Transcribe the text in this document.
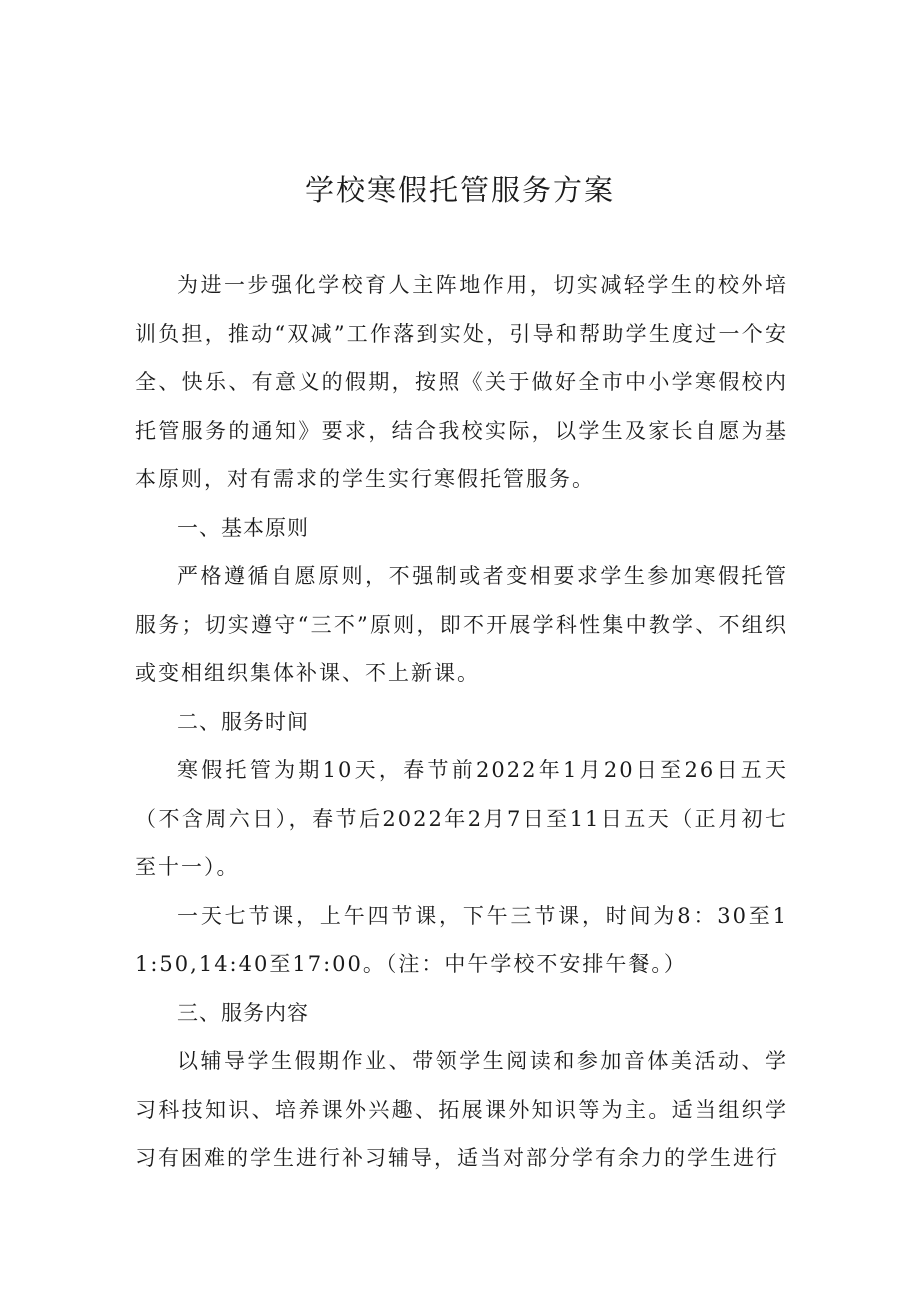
学校寒假托管服务方案

为进一步强化学校育人主阵地作用，切实减轻学生的校外培训负担，推动“双减”工作落到实处，引导和帮助学生度过一个安全、快乐、有意义的假期，按照《关于做好全市中小学寒假校内托管服务的通知》要求，结合我校实际，以学生及家长自愿为基本原则，对有需求的学生实行寒假托管服务。

一、基本原则

严格遵循自愿原则，不强制或者变相要求学生参加寒假托管服务；切实遵守“三不”原则，即不开展学科性集中教学、不组织或变相组织集体补课、不上新课。

二、服务时间

寒假托管为期10天，春节前2022年1月20日至26日五天（不含周六日），春节后2022年2月7日至11日五天（正月初七至十一）。

一天七节课，上午四节课，下午三节课，时间为8：30至11:50,14:40至17:00。（注：中午学校不安排午餐。）

三、服务内容

以辅导学生假期作业、带领学生阅读和参加音体美活动、学习科技知识、培养课外兴趣、拓展课外知识等为主。适当组织学习有困难的学生进行补习辅导，适当对部分学有余力的学生进行
